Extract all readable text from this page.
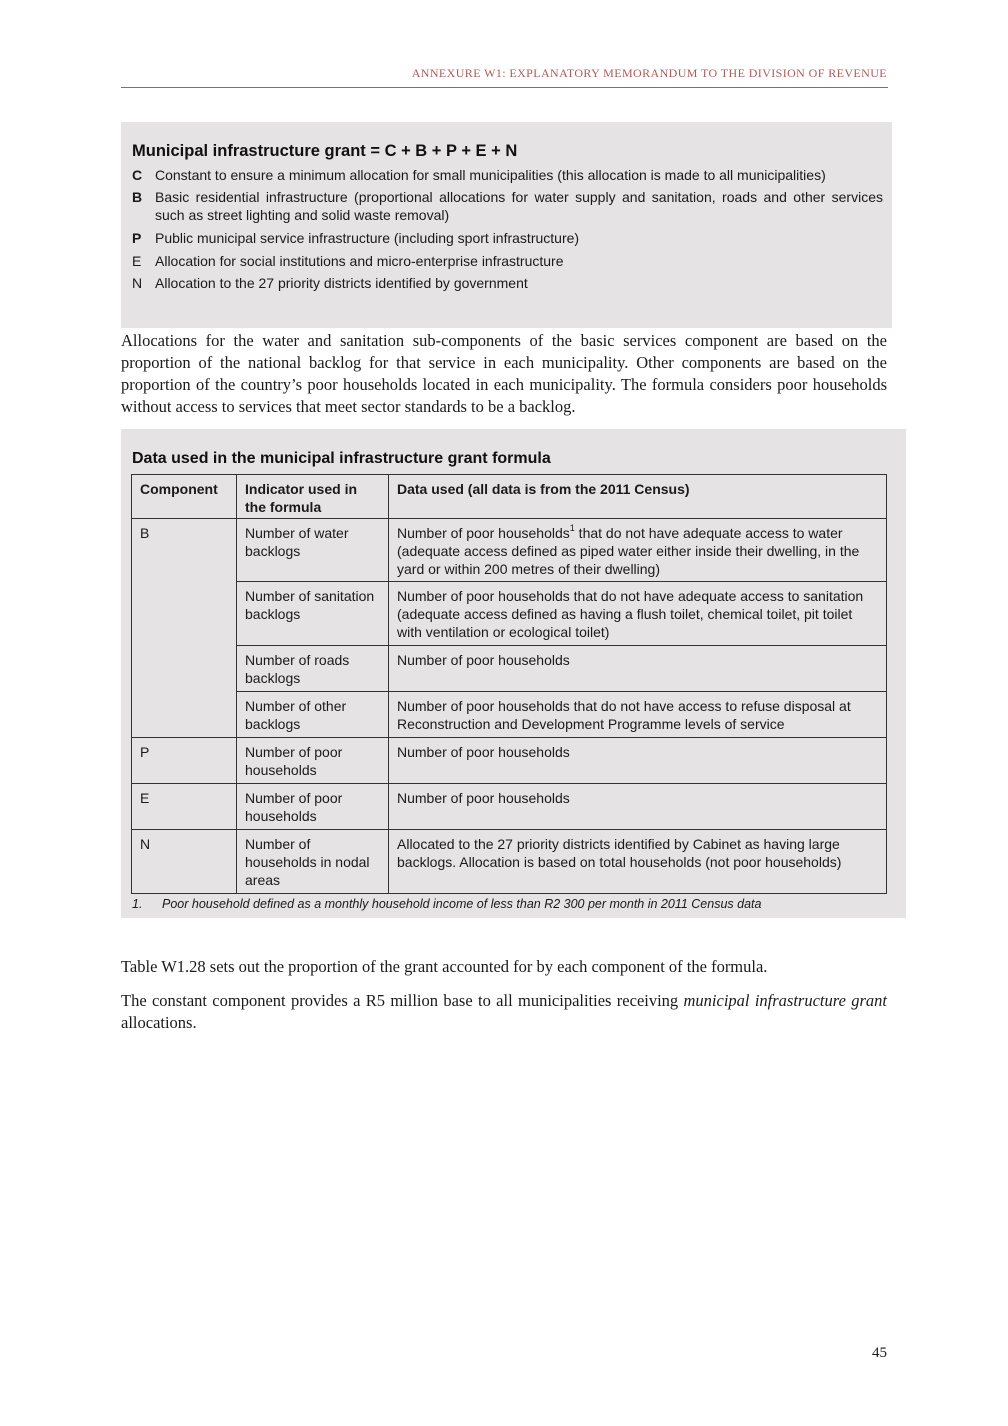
ANNEXURE W1: EXPLANATORY MEMORANDUM TO THE DIVISION OF REVENUE
Municipal infrastructure grant = C + B + P + E + N
C Constant to ensure a minimum allocation for small municipalities (this allocation is made to all municipalities)
B Basic residential infrastructure (proportional allocations for water supply and sanitation, roads and other services such as street lighting and solid waste removal)
P Public municipal service infrastructure (including sport infrastructure)
E Allocation for social institutions and micro-enterprise infrastructure
N Allocation to the 27 priority districts identified by government

Allocations for the water and sanitation sub-components of the basic services component are based on the proportion of the national backlog for that service in each municipality. Other components are based on the proportion of the country’s poor households located in each municipality. The formula considers poor households without access to services that meet sector standards to be a backlog.

Data used in the municipal infrastructure grant formula
Component	Indicator used in the formula	Data used (all data is from the 2011 Census)
B	Number of water backlogs	Number of poor households$^1$ that do not have adequate access to water (adequate access defined as piped water either inside their dwelling, in the yard or within 200 metres of their dwelling)
	Number of sanitation backlogs	Number of poor households that do not have adequate access to sanitation (adequate access defined as having a flush toilet, chemical toilet, pit toilet with ventilation or ecological toilet)
	Number of roads backlogs	Number of poor households
	Number of other backlogs	Number of poor households that do not have access to refuse disposal at Reconstruction and Development Programme levels of service
P	Number of poor households	Number of poor households
E	Number of poor households	Number of poor households
N	Number of households in nodal areas	Allocated to the 27 priority districts identified by Cabinet as having large backlogs. Allocation is based on total households (not poor households)
1. Poor household defined as a monthly household income of less than R2 300 per month in 2011 Census data

Table W1.28 sets out the proportion of the grant accounted for by each component of the formula.

The constant component provides a R5 million base to all municipalities receiving municipal infrastructure grant allocations.

45
